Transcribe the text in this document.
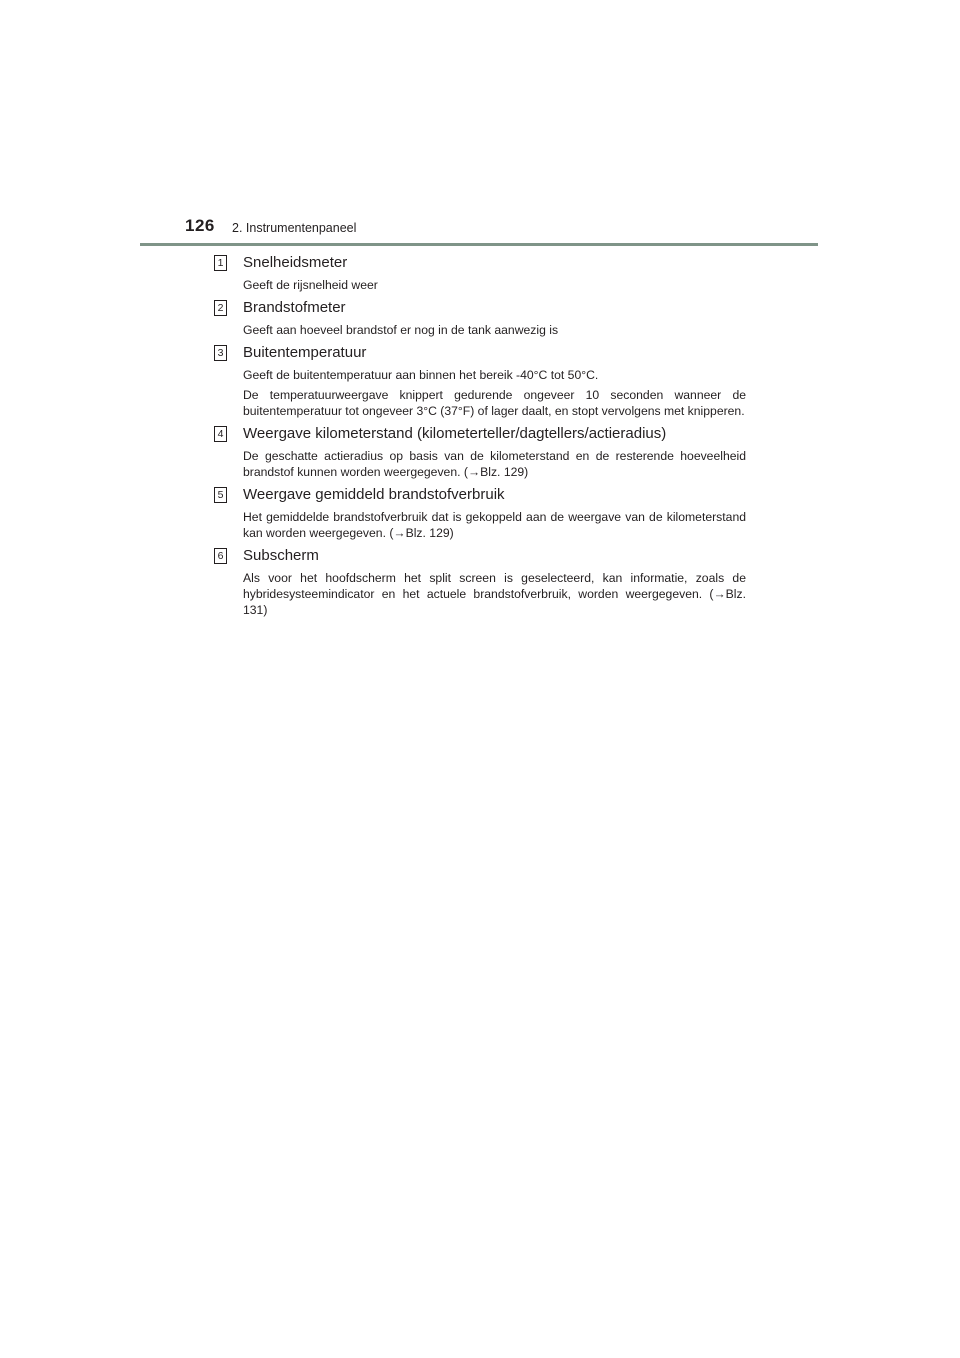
126 2. Instrumentenpaneel
1 Snelheidsmeter

Geeft de rijsnelheid weer

2 Brandstofmeter

Geeft aan hoeveel brandstof er nog in de tank aanwezig is

3 Buitentemperatuur

Geeft de buitentemperatuur aan binnen het bereik -40°C tot 50°C.

De temperatuurweergave knippert gedurende ongeveer 10 seconden wanneer de buitentemperatuur tot ongeveer 3°C (37°F) of lager daalt, en stopt vervolgens met knipperen.

4 Weergave kilometerstand (kilometerteller/dagtellers/actieradius)

De geschatte actieradius op basis van de kilometerstand en de resterende hoeveelheid brandstof kunnen worden weergegeven. (→Blz. 129)

5 Weergave gemiddeld brandstofverbruik

Het gemiddelde brandstofverbruik dat is gekoppeld aan de weergave van de kilometerstand kan worden weergegeven. (→Blz. 129)

6 Subscherm

Als voor het hoofdscherm het split screen is geselecteerd, kan informatie, zoals de hybridesysteemindicator en het actuele brandstofverbruik, worden weergegeven. (→Blz. 131)
